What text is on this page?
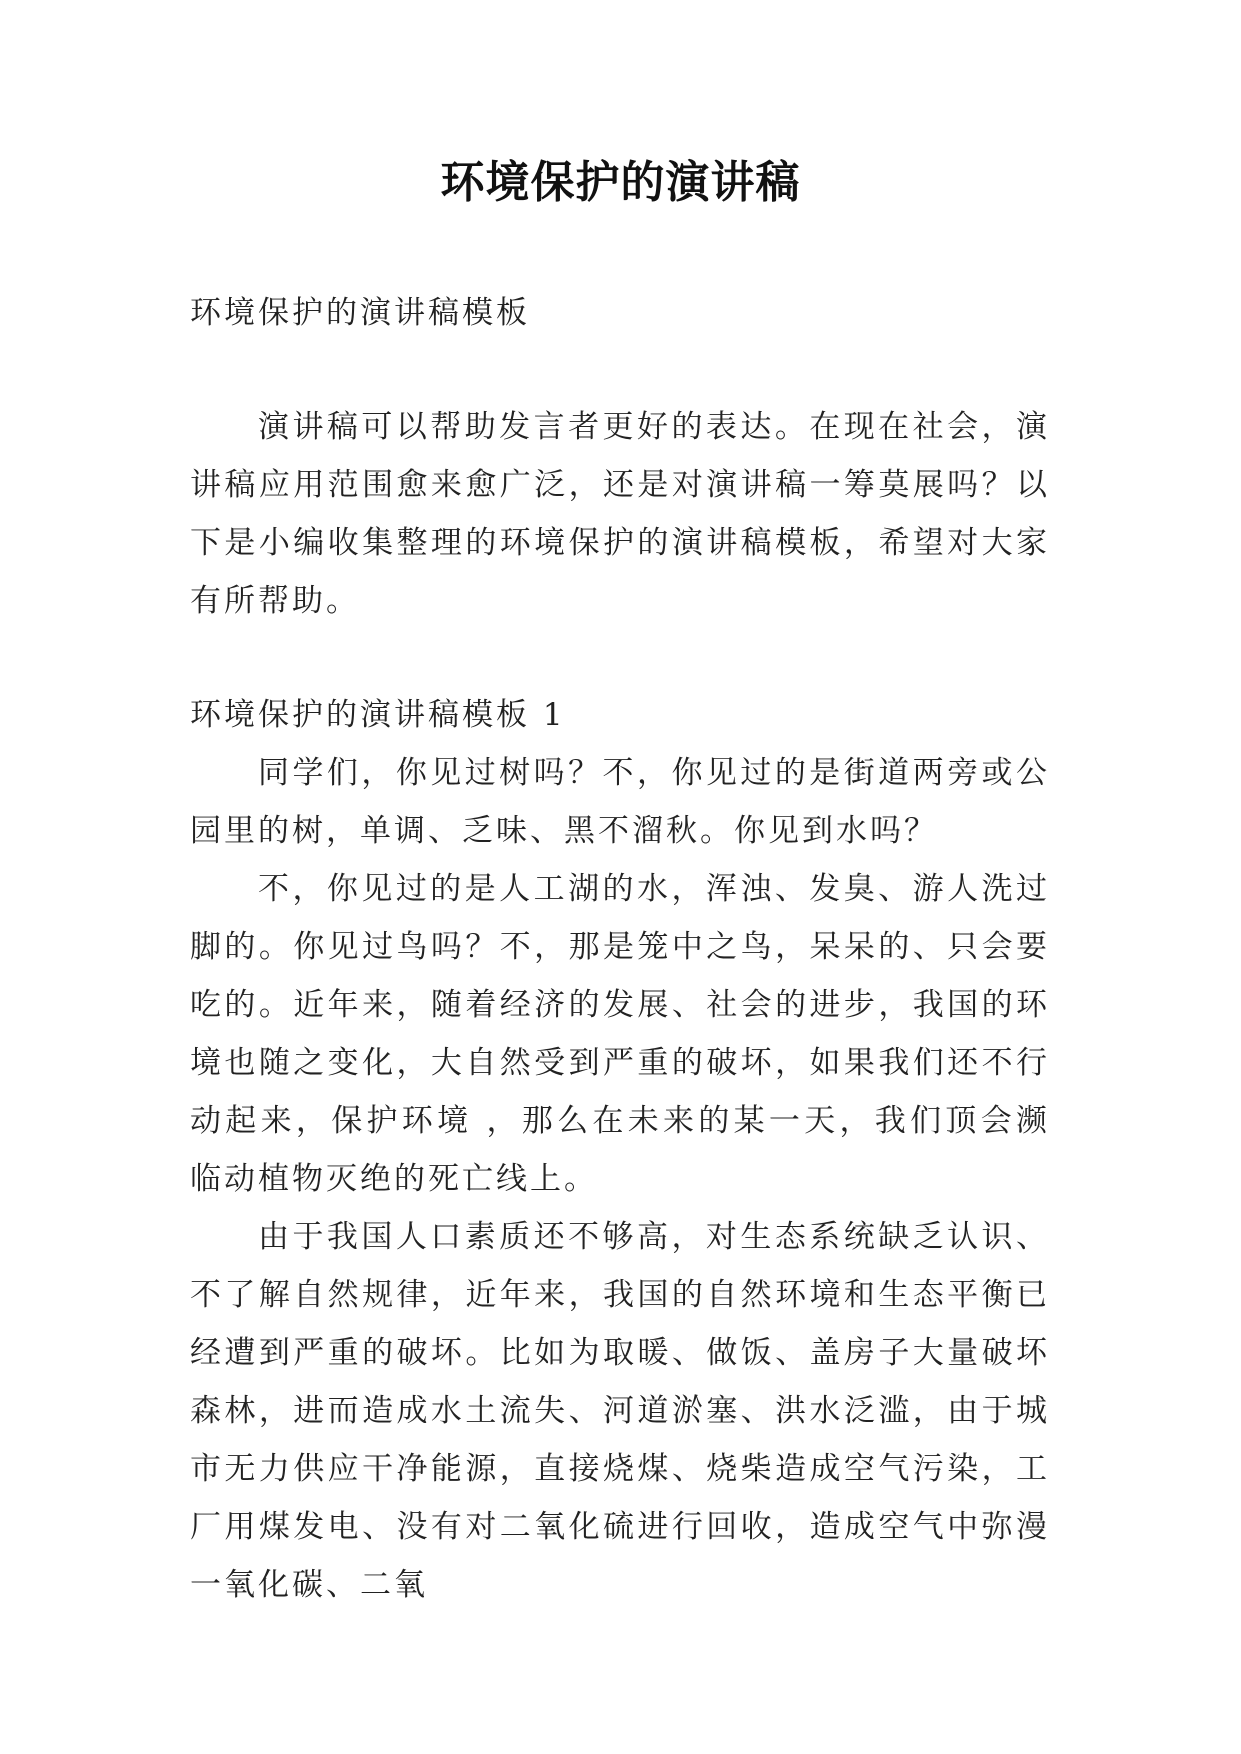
环境保护的演讲稿

环境保护的演讲稿模板

演讲稿可以帮助发言者更好的表达。在现在社会，演讲稿应用范围愈来愈广泛，还是对演讲稿一筹莫展吗？以下是小编收集整理的环境保护的演讲稿模板，希望对大家有所帮助。

环境保护的演讲稿模板 1

同学们，你见过树吗？不，你见过的是街道两旁或公园里的树，单调、乏味、黑不溜秋。你见到水吗？

不，你见过的是人工湖的水，浑浊、发臭、游人洗过脚的。你见过鸟吗？不，那是笼中之鸟，呆呆的、只会要吃的。近年来，随着经济的发展、社会的进步，我国的环境也随之变化，大自然受到严重的破坏，如果我们还不行动起来，保护环境 ，那么在未来的某一天，我们顶会濒临动植物灭绝的死亡线上。

由于我国人口素质还不够高，对生态系统缺乏认识、不了解自然规律，近年来，我国的自然环境和生态平衡已经遭到严重的破坏。比如为取暖、做饭、盖房子大量破坏森林，进而造成水土流失、河道淤塞、洪水泛滥，由于城市无力供应干净能源，直接烧煤、烧柴造成空气污染，工厂用煤发电、没有对二氧化硫进行回收，造成空气中弥漫一氧化碳、二氧
